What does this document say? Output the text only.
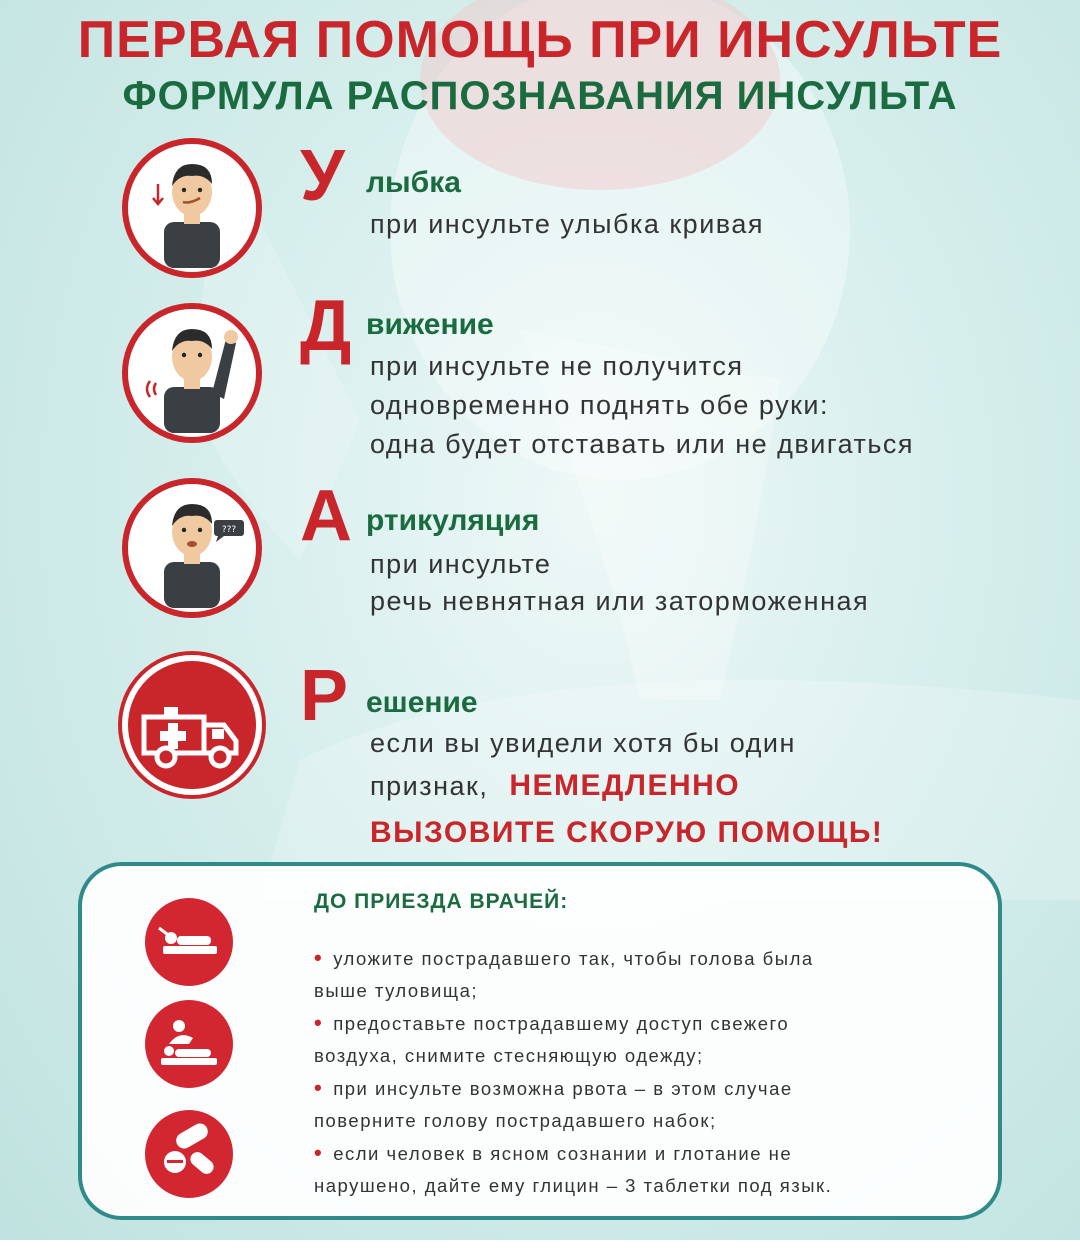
ПЕРВАЯ ПОМОЩЬ ПРИ ИНСУЛЬТЕ
ФОРМУЛА РАСПОЗНАВАНИЯ ИНСУЛЬТА
У лыбка
при инсульте улыбка кривая
Д вижение
при инсульте не получится
одновременно поднять обе руки:
одна будет отставать или не двигаться
??? А ртикуляция
при инсульте
речь невнятная или заторможенная
Р ешение
если вы увидели хотя бы один
признак, НЕМЕДЛЕННО
ВЫЗОВИТЕ СКОРУЮ ПОМОЩЬ!
ДО ПРИЕЗДА ВРАЧЕЙ:
• уложите пострадавшего так, чтобы голова была
выше туловища;
• предоставьте пострадавшему доступ свежего
воздуха, снимите стесняющую одежду;
• при инсульте возможна рвота – в этом случае
поверните голову пострадавшего набок;
• если человек в ясном сознании и глотание не
нарушено, дайте ему глицин – 3 таблетки под язык.
